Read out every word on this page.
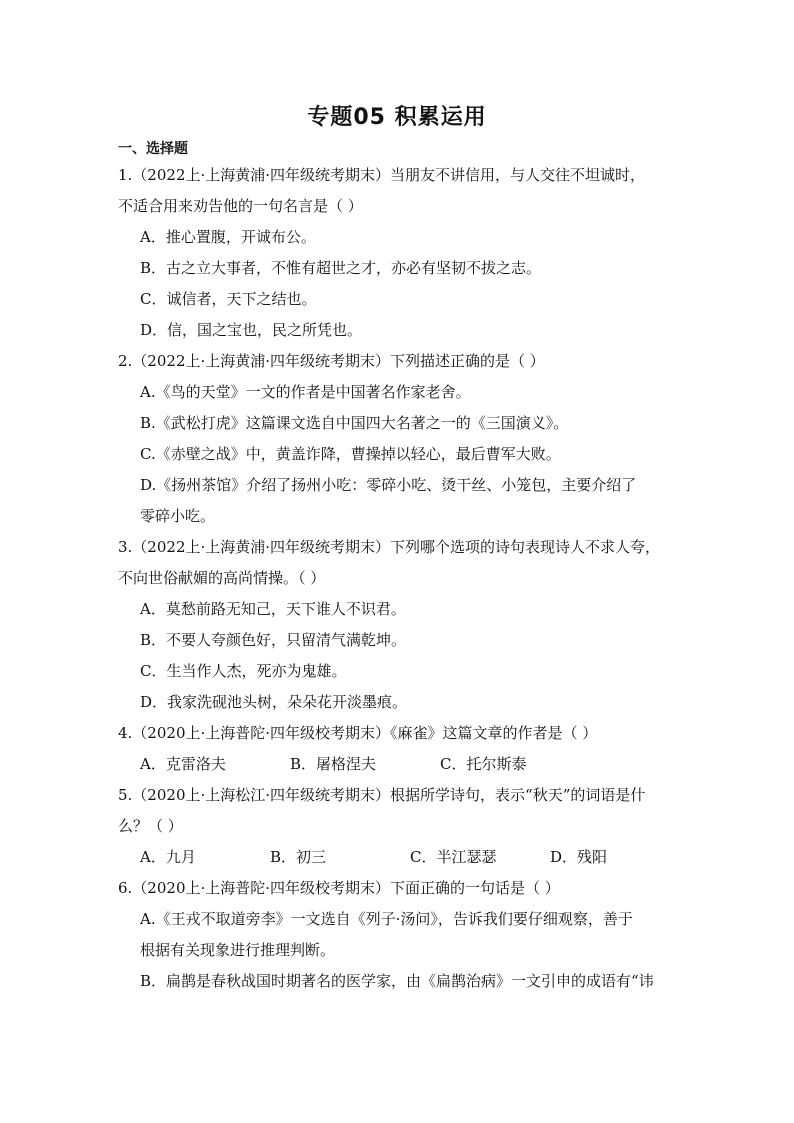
专题05 积累运用
一、选择题

1.（2022上·上海黄浦·四年级统考期末）当朋友不讲信用，与人交往不坦诚时，

不适合用来劝告他的一句名言是（ ）

A．推心置腹，开诚布公。

B．古之立大事者，不惟有超世之才，亦必有坚韧不拔之志。

C．诚信者，天下之结也。

D．信，国之宝也，民之所凭也。

2.（2022上·上海黄浦·四年级统考期末）下列描述正确的是（ ）

A.《鸟的天堂》一文的作者是中国著名作家老舍。

B.《武松打虎》这篇课文选自中国四大名著之一的《三国演义》。

C.《赤壁之战》中，黄盖诈降，曹操掉以轻心，最后曹军大败。

D.《扬州茶馆》介绍了扬州小吃：零碎小吃、烫干丝、小笼包，主要介绍了

零碎小吃。

3.（2022上·上海黄浦·四年级统考期末）下列哪个选项的诗句表现诗人不求人夸，

不向世俗献媚的高尚情操。（ ）

A．莫愁前路无知己，天下谁人不识君。

B．不要人夸颜色好，只留清气满乾坤。

C．生当作人杰，死亦为鬼雄。

D．我家洗砚池头树，朵朵花开淡墨痕。

4.（2020上·上海普陀·四年级校考期末）《麻雀》这篇文章的作者是（ ）

A．克雷洛夫	B．屠格涅夫	C．托尔斯泰

5.（2020上·上海松江·四年级统考期末）根据所学诗句，表示“秋天”的词语是什

么？（ ）

A．九月	B．初三	C．半江瑟瑟	D．残阳

6.（2020上·上海普陀·四年级校考期末）下面正确的一句话是（ ）

A.《王戎不取道旁李》一文选自《列子·汤问》，告诉我们要仔细观察，善于

根据有关现象进行推理判断。

B．扁鹊是春秋战国时期著名的医学家，由《扁鹊治病》一文引申的成语有“讳
